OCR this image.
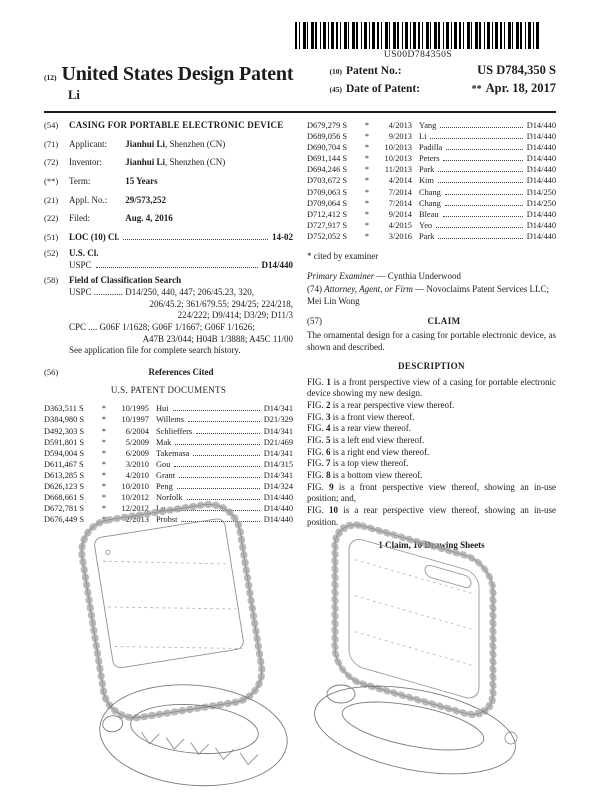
US00D784350S
(12) United States Design Patent
Li
(10) Patent No.:	US D784,350 S
(45) Date of Patent:	** Apr. 18, 2017
(54)	CASING FOR PORTABLE ELECTRONIC DEVICE
(71)	Applicant: Jianhui Li, Shenzhen (CN)
(72)	Inventor:	Jianhui Li, Shenzhen (CN)
(**)	Term:	15 Years
(21)	Appl. No.: 29/573,252
(22)	Filed:	Aug. 4, 2016
(51)	LOC (10) Cl.	14-02
(52)	U.S. Cl.
USPC	D14/440
(58)	Field of Classification Search
USPC ............. D14/250, 440, 447; 206/45.23, 320,
206/45.2; 361/679.55; 294/25; 224/218,
224/222; D9/414; D3/29; D11/3
CPC .... G06F 1/1628; G06F 1/1667; G06F 1/1626;
A47B 23/044; H04B 1/3888; A45C 11/00
See application file for complete search history.
(56)	References Cited
U.S. PATENT DOCUMENTS
D363,511 S	*	10/1995 Hui	D14/341
D384,980 S	*	10/1997 Willems	D21/329
D492,303 S	*	6/2004 Schlieffers	D14/341
D591,801 S	*	5/2009 Mak	D21/469
D594,004 S	*	6/2009 Takemasa	D14/341
D611,467 S	*	3/2010 Gou	D14/315
D613,285 S	*	4/2010 Grant	D14/341
D626,123 S	*	10/2010 Peng	D14/324
D668,661 S	*	10/2012 Norfolk	D14/440
D672,781 S	*	12/2012 Lu	D14/440
D676,449 S	*	2/2013 Probst	D14/440
D679,279 S	*	4/2013 Yang	D14/440
D689,056 S	*	9/2013 Li	D14/440
D690,704 S	*	10/2013 Padilla	D14/440
D691,144 S	*	10/2013 Peters	D14/440
D694,246 S	*	11/2013 Park	D14/440
D703,672 S	*	4/2014 Kim	D14/440
D709,063 S	*	7/2014 Chang	D14/250
D709,064 S	*	7/2014 Chang	D14/250
D712,412 S	*	9/2014 Bleau	D14/440
D727,917 S	*	4/2015 Yeo	D14/440
D752,052 S	*	3/2016 Park	D14/440
* cited by examiner
Primary Examiner — Cynthia Underwood
(74) Attorney, Agent, or Firm — Novoclaims Patent Services LLC; Mei Lin Wong
(57)	CLAIM
The ornamental design for a casing for portable electronic device, as shown and described.
DESCRIPTION

FIG. 1 is a front perspective view of a casing for portable electronic device showing my new design.

FIG. 2 is a rear perspective view thereof.

FIG. 3 is a front view thereof.

FIG. 4 is a rear view thereof.

FIG. 5 is a left end view thereof.

FIG. 6 is a right end view thereof.

FIG. 7 is a top view thereof.

FIG. 8 is a bottom view thereof.

FIG. 9 is a front perspective view thereof, showing an in-use position; and,

FIG. 10 is a rear perspective view thereof, showing an in-use position.

1 Claim, 10 Drawing Sheets
